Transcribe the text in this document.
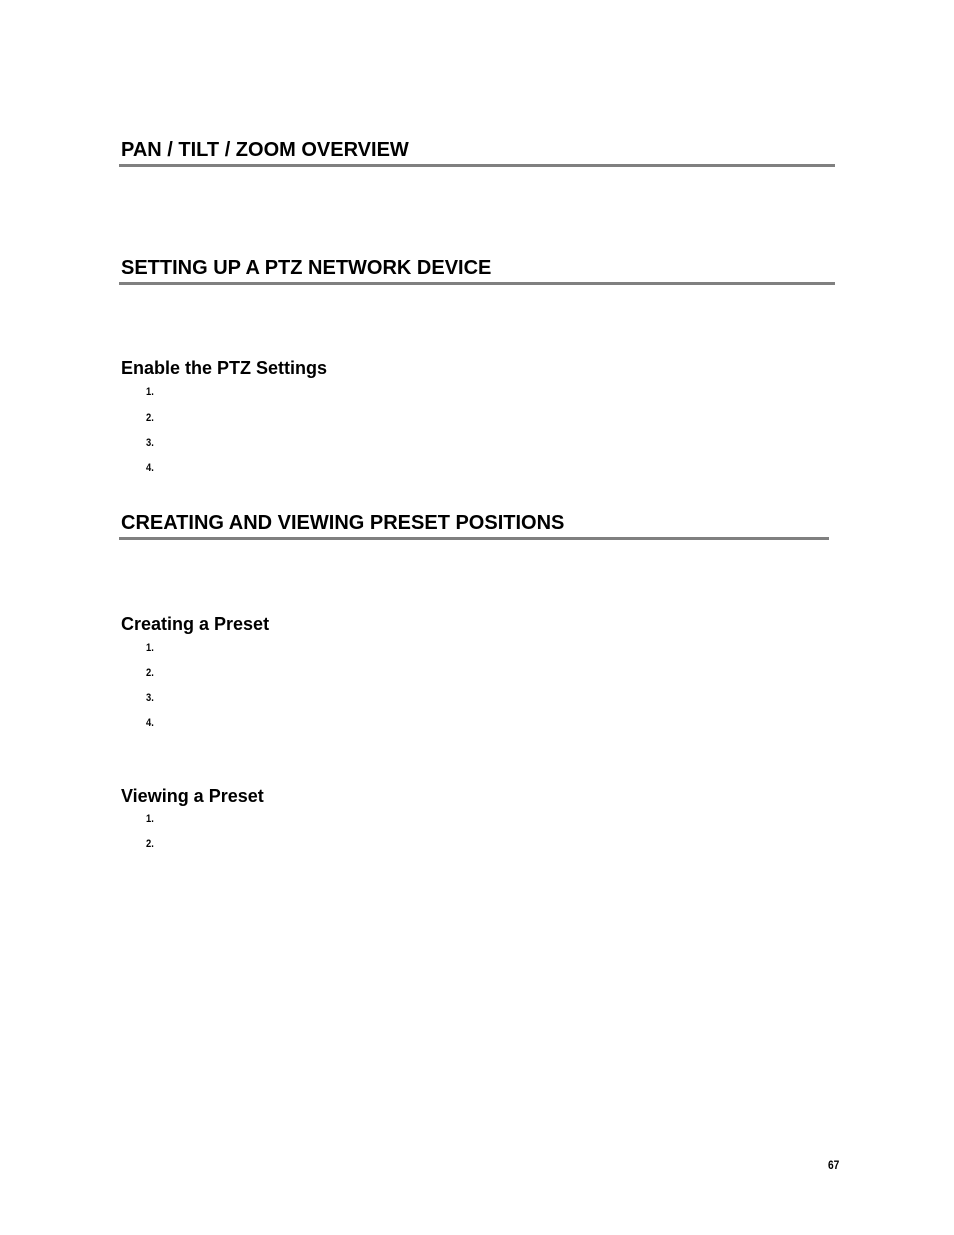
PAN / TILT / ZOOM OVERVIEW
SETTING UP A PTZ NETWORK DEVICE
Enable the PTZ Settings
1.
2.
3.
4.
CREATING AND VIEWING PRESET POSITIONS
Creating a Preset
1.
2.
3.
4.
Viewing a Preset
1.
2.
67
